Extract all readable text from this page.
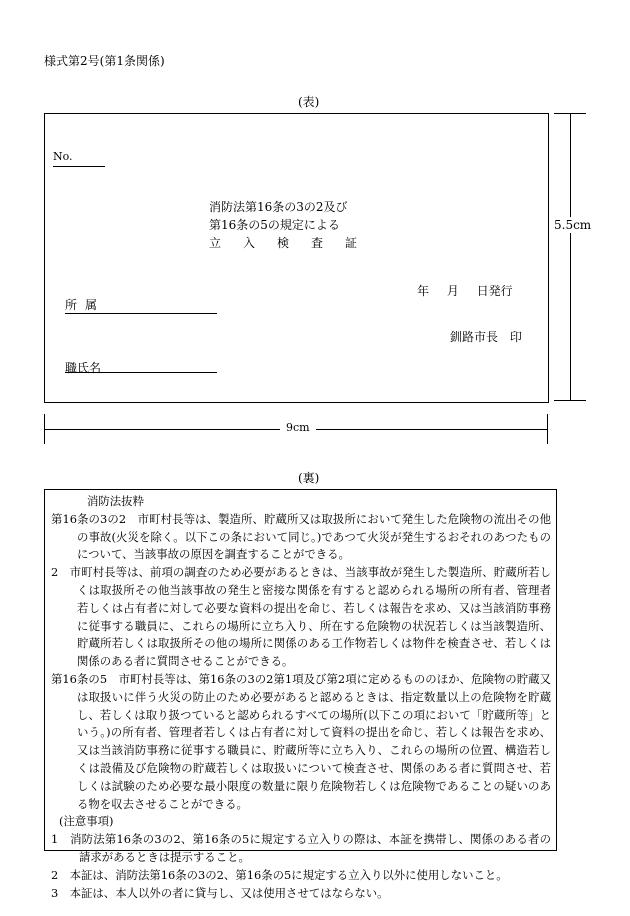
様式第2号(第1条関係)
(表)
No.
消防法第16条の3の2及び
第16条の5の規定による
立入検査証
年 月 日発行
所属
釧路市長 印
職氏名
5.5cm
9cm
(裏)

消防法抜粋

第16条の3の2　市町村長等は、製造所、貯蔵所又は取扱所において発生した危険物の流出その他の事故(火災を除く。以下この条において同じ。)であつて火災が発生するおそれのあつたものについて、当該事故の原因を調査することができる。

2　市町村長等は、前項の調査のため必要があるときは、当該事故が発生した製造所、貯蔵所若しくは取扱所その他当該事故の発生と密接な関係を有すると認められる場所の所有者、管理者若しくは占有者に対して必要な資料の提出を命じ、若しくは報告を求め、又は当該消防事務に従事する職員に、これらの場所に立ち入り、所在する危険物の状況若しくは当該製造所、貯蔵所若しくは取扱所その他の場所に関係のある工作物若しくは物件を検査させ、若しくは関係のある者に質問させることができる。

第16条の5　市町村長等は、第16条の3の2第1項及び第2項に定めるもののほか、危険物の貯蔵又は取扱いに伴う火災の防止のため必要があると認めるときは、指定数量以上の危険物を貯蔵し、若しくは取り扱つていると認められるすべての場所(以下この項において「貯蔵所等」という。)の所有者、管理者若しくは占有者に対して資料の提出を命じ、若しくは報告を求め、又は当該消防事務に従事する職員に、貯蔵所等に立ち入り、これらの場所の位置、構造若しくは設備及び危険物の貯蔵若しくは取扱いについて検査させ、関係のある者に質問させ、若しくは試験のため必要な最小限度の数量に限り危険物若しくは危険物であることの疑いのある物を収去させることができる。

(注意事項)

1　消防法第16条の3の2、第16条の5に規定する立入りの際は、本証を携帯し、関係のある者の請求があるときは提示すること。

2　本証は、消防法第16条の3の2、第16条の5に規定する立入り以外に使用しないこと。

3　本証は、本人以外の者に貸与し、又は使用させてはならない。
